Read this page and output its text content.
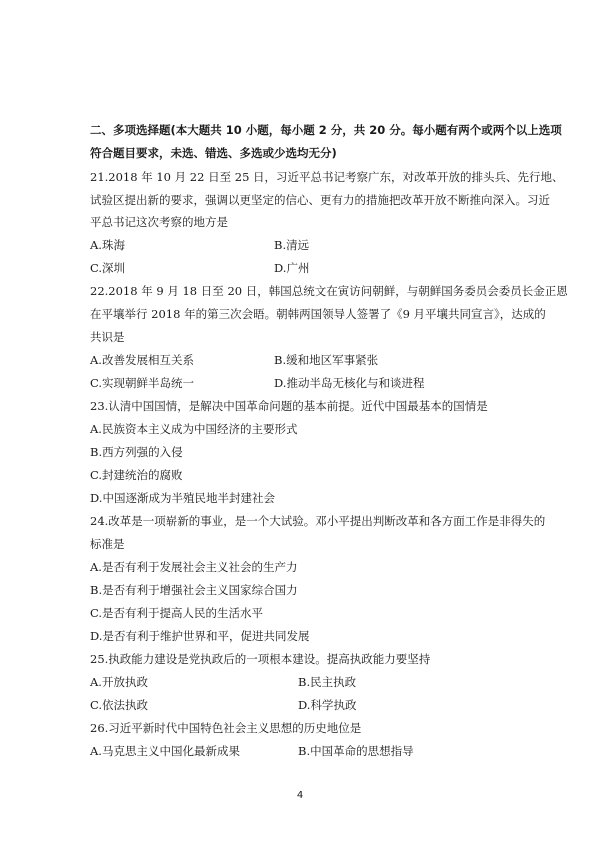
二、多项选择题(本大题共 10 小题，每小题 2 分，共 20 分。每小题有两个或两个以上选项
符合题目要求，未选、错选、多选或少选均无分)
21.2018 年 10 月 22 日至 25 日，习近平总书记考察广东，对改革开放的排头兵、先行地、
试验区提出新的要求，强调以更坚定的信心、更有力的措施把改革开放不断推向深入。习近
平总书记这次考察的地方是
A.珠海	B.清远
C.深圳	D.广州
22.2018 年 9 月 18 日至 20 日，韩国总统文在寅访问朝鲜，与朝鲜国务委员会委员长金正恩
在平壤举行 2018 年的第三次会晤。朝韩两国领导人签署了《9 月平壤共同宣言》，达成的
共识是
A.改善发展相互关系	B.缓和地区军事紧张
C.实现朝鲜半岛统一	D.推动半岛无核化与和谈进程
23.认清中国国情，是解决中国革命问题的基本前提。近代中国最基本的国情是
A.民族资本主义成为中国经济的主要形式
B.西方列强的入侵
C.封建统治的腐败
D.中国逐渐成为半殖民地半封建社会
24.改革是一项崭新的事业，是一个大试验。邓小平提出判断改革和各方面工作是非得失的
标准是
A.是否有利于发展社会主义社会的生产力
B.是否有利于增强社会主义国家综合国力
C.是否有利于提高人民的生活水平
D.是否有利于维护世界和平，促进共同发展
25.执政能力建设是党执政后的一项根本建设。提高执政能力要坚持
A.开放执政	B.民主执政
C.依法执政	D.科学执政
26.习近平新时代中国特色社会主义思想的历史地位是
A.马克思主义中国化最新成果	B.中国革命的思想指导
4
